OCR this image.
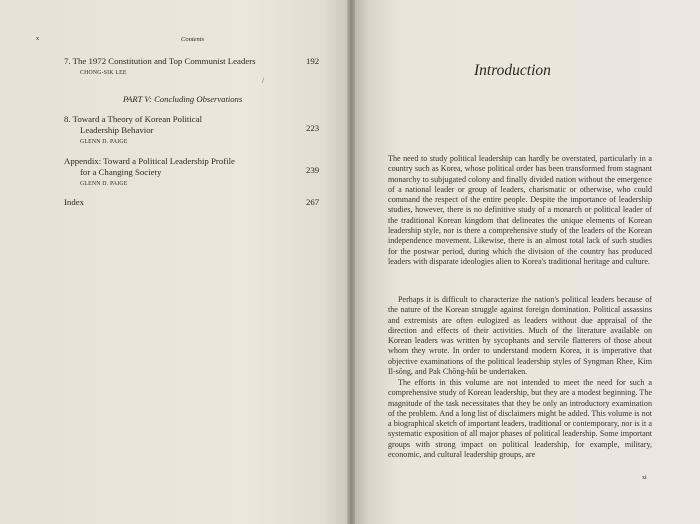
x	Contents
7. The 1972 Constitution and Top Communist Leaders	192
CHONG-SIK LEE
/
PART V: Concluding Observations
8. Toward a Theory of Korean Political
Leadership Behavior	223
GLENN D. PAIGE
Appendix: Toward a Political Leadership Profile
for a Changing Society	239
GLENN D. PAIGE
Index	267
Introduction

The need to study political leadership can hardly be overstated, particularly in a country such as Korea, whose political order has been transformed from stagnant monarchy to subjugated colony and finally divided nation without the emergence of a national leader or group of leaders, charismatic or otherwise, who could command the respect of the entire people. Despite the importance of leadership studies, however, there is no definitive study of a monarch or political leader of the traditional Korean kingdom that delineates the unique elements of Korean leadership style, nor is there a comprehensive study of the leaders of the Korean independence movement. Likewise, there is an almost total lack of such studies for the postwar period, during which the division of the country has produced leaders with disparate ideologies alien to Korea's traditional heritage and culture.

Perhaps it is difficult to characterize the nation's political leaders because of the nature of the Korean struggle against foreign domination. Political assassins and extremists are often eulogized as leaders without due appraisal of the direction and effects of their activities. Much of the literature available on Korean leaders was written by sycophants and servile flatterers of those about whom they wrote. In order to understand modern Korea, it is imperative that objective examinations of the political leadership styles of Syngman Rhee, Kim Il-sŏng, and Pak Chŏng-hŭi be undertaken.

The efforts in this volume are not intended to meet the need for such a comprehensive study of Korean leadership, but they are a modest beginning. The magnitude of the task necessitates that they be only an introductory examination of the problem. And a long list of disclaimers might be added. This volume is not a biographical sketch of important leaders, traditional or contemporary, nor is it a systematic exposition of all major phases of political leadership. Some important groups with strong impact on political leadership, for example, military, economic, and cultural leadership groups, are

xi
